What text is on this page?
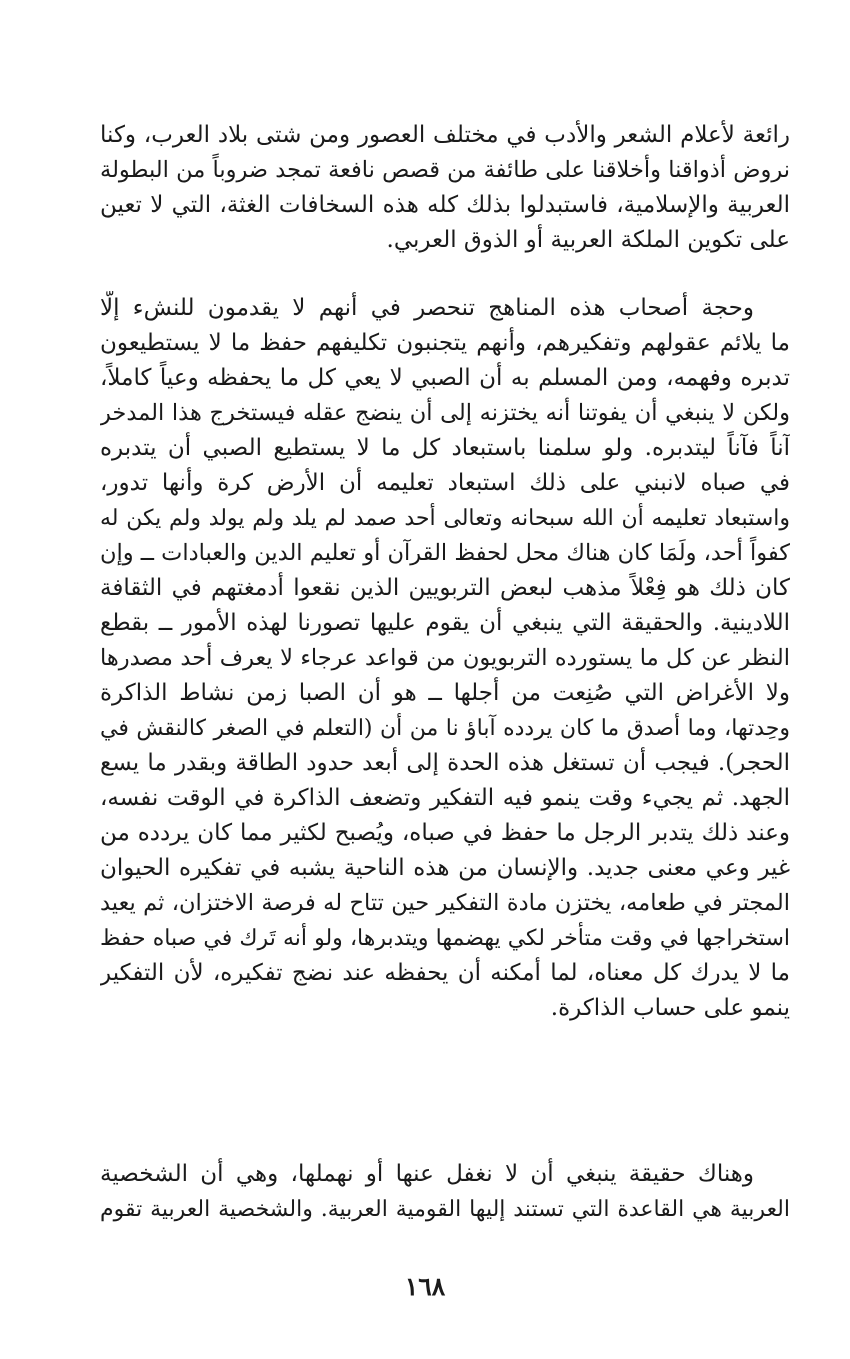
رائعة لأعلام الشعر والأدب في مختلف العصور ومن شتى بلاد العرب، وكنا
نروض أذواقنا وأخلاقنا على طائفة من قصص نافعة تمجد ضروباً من البطولة
العربية والإسلامية، فاستبدلوا بذلك كله هذه السخافات الغثة، التي لا تعين
على تكوين الملكة العربية أو الذوق العربي.
وحجة أصحاب هذه المناهج تنحصر في أنهم لا يقدمون للنشء إلّا
ما يلائم عقولهم وتفكيرهم، وأنهم يتجنبون تكليفهم حفظ ما لا يستطيعون
تدبره وفهمه، ومن المسلم به أن الصبي لا يعي كل ما يحفظه وعياً كاملاً،
ولكن لا ينبغي أن يفوتنا أنه يختزنه إلى أن ينضج عقله فيستخرج هذا المدخر
آناً فآناً ليتدبره. ولو سلمنا باستبعاد كل ما لا يستطيع الصبي أن يتدبره
في صباه لانبني على ذلك استبعاد تعليمه أن الأرض كرة وأنها تدور،
واستبعاد تعليمه أن الله سبحانه وتعالى أحد صمد لم يلد ولم يولد ولم يكن له
كفواً أحد، ولَمَا كان هناك محل لحفظ القرآن أو تعليم الدين والعبادات ــ وإن
كان ذلك هو فِعْلاً مذهب لبعض التربويين الذين نقعوا أدمغتهم في الثقافة
اللادينية. والحقيقة التي ينبغي أن يقوم عليها تصورنا لهذه الأمور ــ بقطع
النظر عن كل ما يستورده التربويون من قواعد عرجاء لا يعرف أحد مصدرها
ولا الأغراض التي صُنِعت من أجلها ــ هو أن الصبا زمن نشاط الذاكرة
وحِدتها، وما أصدق ما كان يردده آباؤ نا من أن (التعلم في الصغر كالنقش في
الحجر). فيجب أن تستغل هذه الحدة إلى أبعد حدود الطاقة وبقدر ما يسع
الجهد. ثم يجيء وقت ينمو فيه التفكير وتضعف الذاكرة في الوقت نفسه،
وعند ذلك يتدبر الرجل ما حفظ في صباه، ويُصبح لكثير مما كان يردده من
غير وعي معنى جديد. والإنسان من هذه الناحية يشبه في تفكيره الحيوان
المجتر في طعامه، يختزن مادة التفكير حين تتاح له فرصة الاختزان، ثم يعيد
استخراجها في وقت متأخر لكي يهضمها ويتدبرها، ولو أنه تَرك في صباه حفظ
ما لا يدرك كل معناه، لما أمكنه أن يحفظه عند نضج تفكيره، لأن التفكير
ينمو على حساب الذاكرة.
وهناك حقيقة ينبغي أن لا نغفل عنها أو نهملها، وهي أن الشخصية
العربية هي القاعدة التي تستند إليها القومية العربية. والشخصية العربية تقوم
١٦٨
